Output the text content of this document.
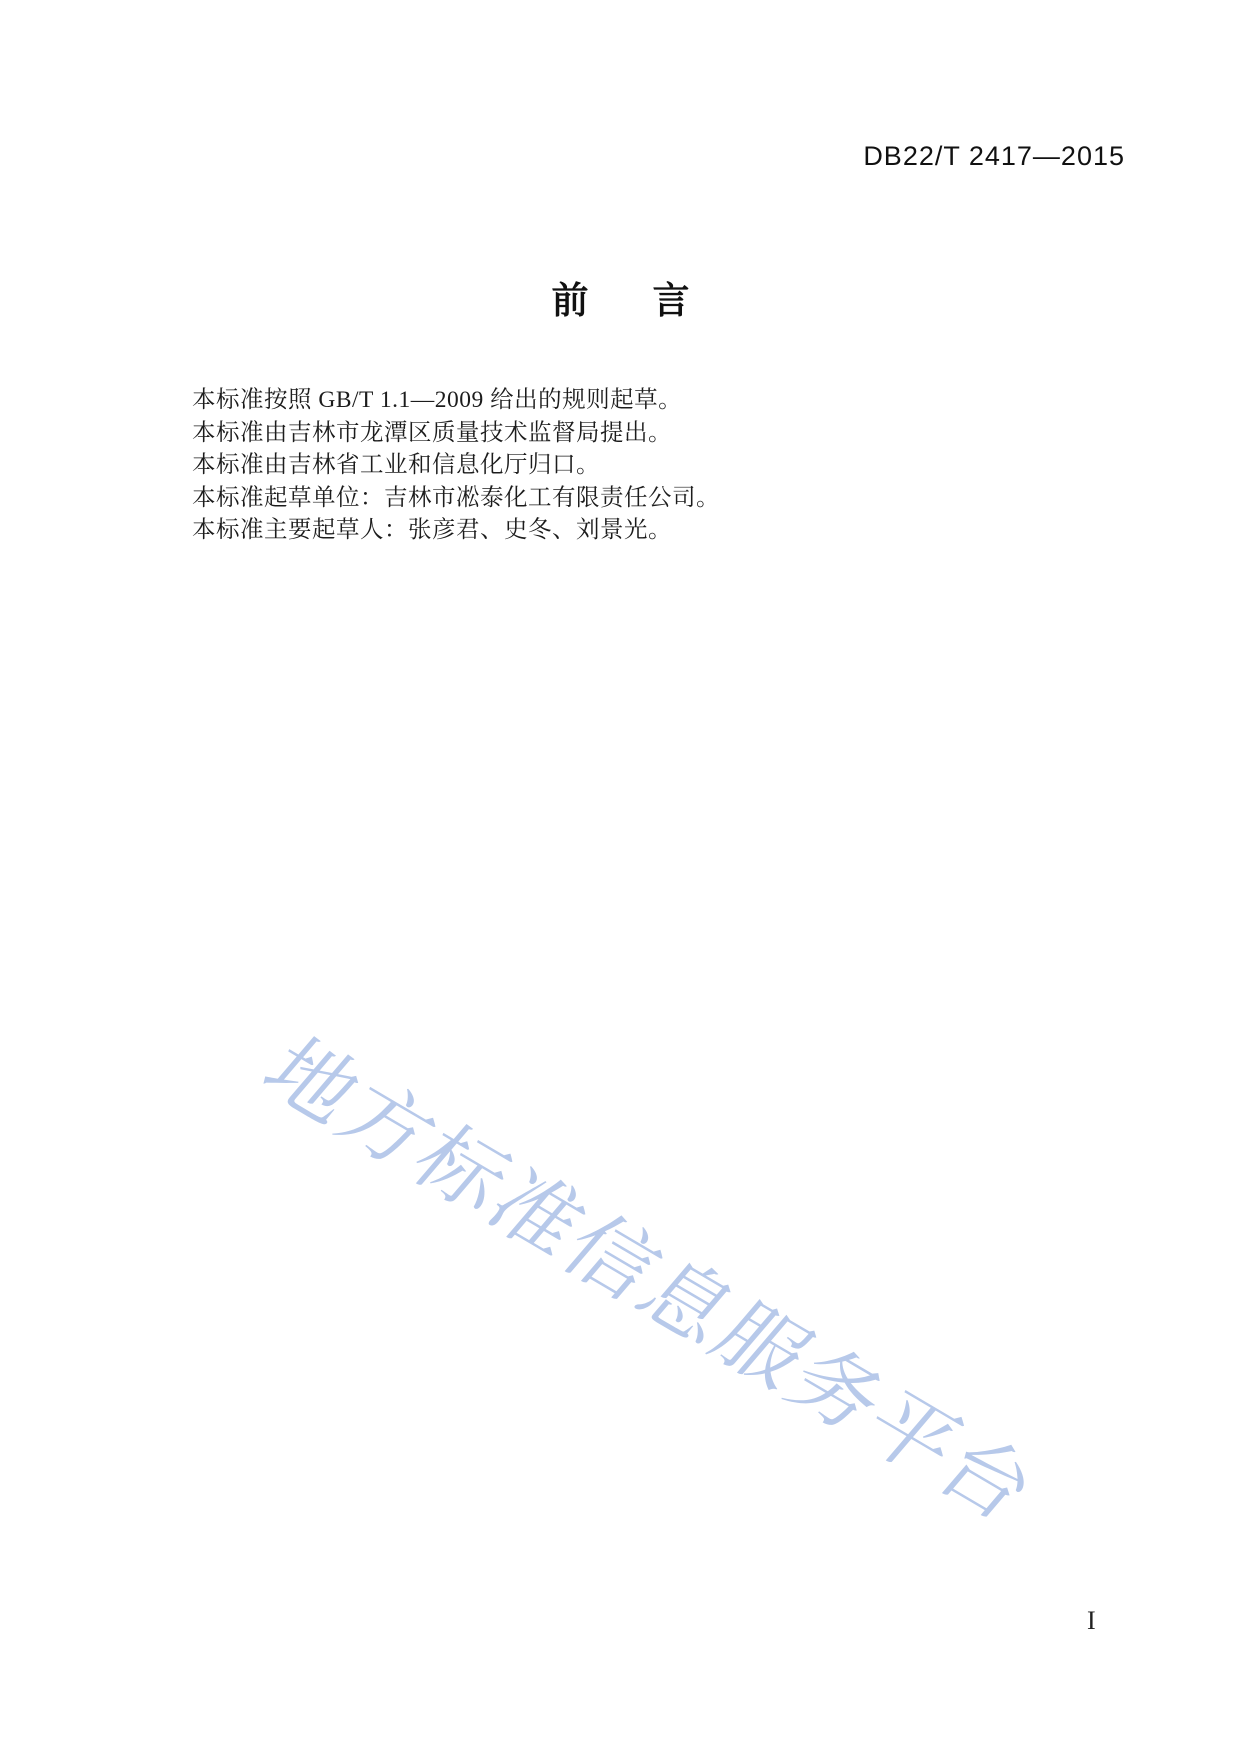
DB22/T 2417—2015
前 言
本标准按照 GB/T 1.1—2009 给出的规则起草。
本标准由吉林市龙潭区质量技术监督局提出。
本标准由吉林省工业和信息化厅归口。
本标准起草单位：吉林市凇泰化工有限责任公司。
本标准主要起草人：张彦君、史冬、刘景光。
地方标准信息服务平台
I
